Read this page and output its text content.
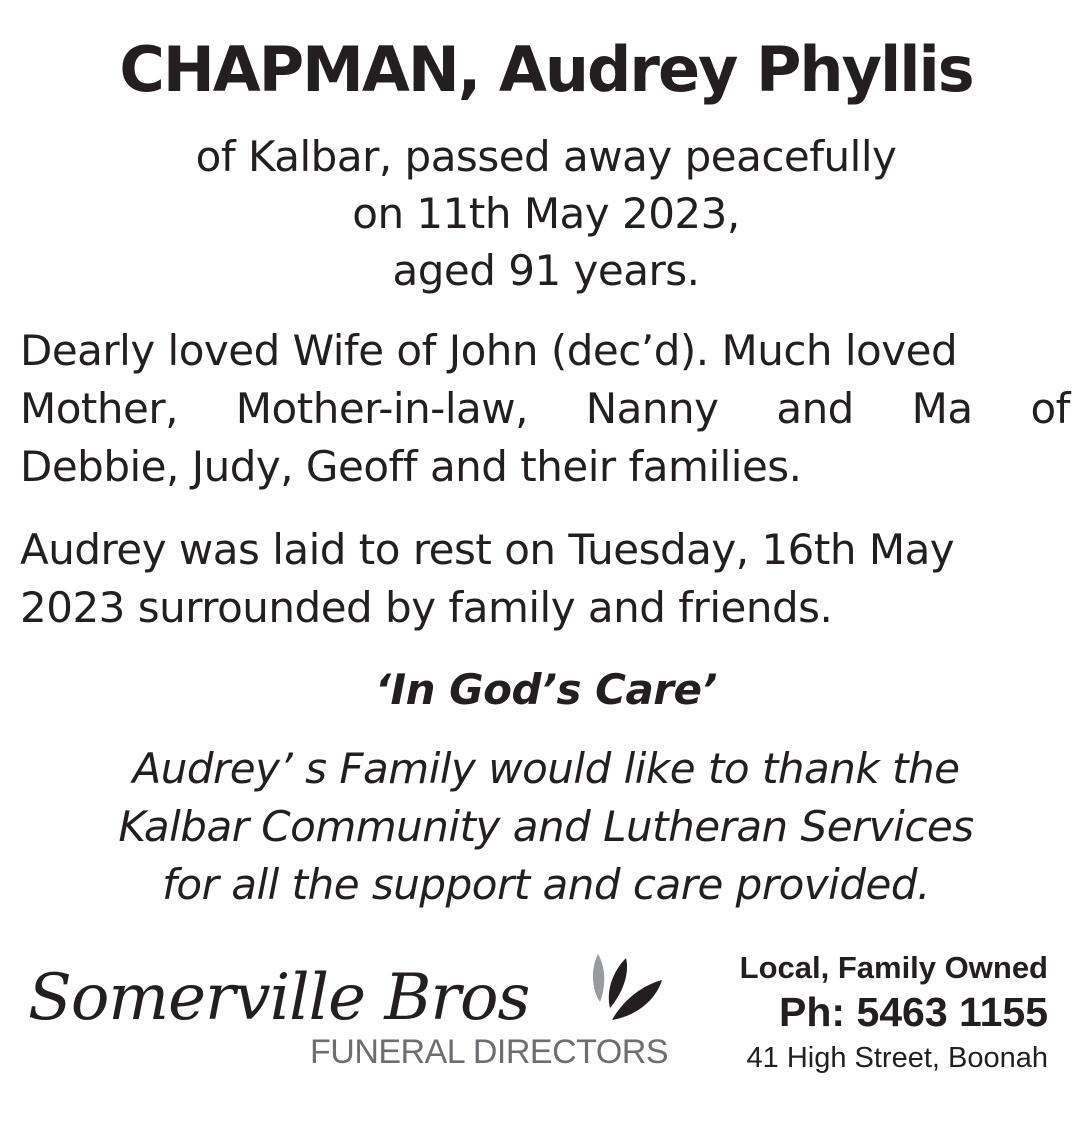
CHAPMAN, Audrey Phyllis
of Kalbar, passed away peacefully
on 11th May 2023,
aged 91 years.
Dearly loved Wife of John (dec’d). Much loved
Mother, Mother-in-law, Nanny and Ma of
Debbie, Judy, Geoff and their families.
Audrey was laid to rest on Tuesday, 16th May
2023 surrounded by family and friends.
‘In God’s Care’
Audrey’ s Family would like to thank the
Kalbar Community and Lutheran Services
for all the support and care provided.
Somerville Bros
FUNERAL DIRECTORS
Local, Family Owned
Ph: 5463 1155
41 High Street, Boonah
